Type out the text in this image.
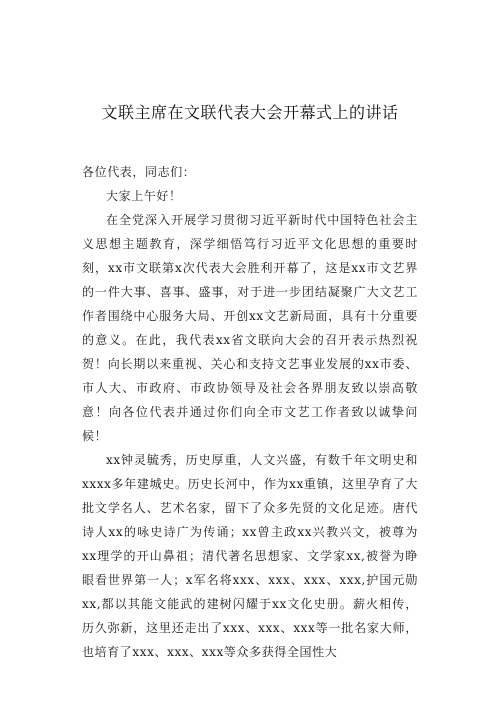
文联主席在文联代表大会开幕式上的讲话

各位代表，同志们：

大家上午好！

在全党深入开展学习贯彻习近平新时代中国特色社会主义思想主题教育，深学细悟笃行习近平文化思想的重要时刻，xx市文联第x次代表大会胜利开幕了，这是xx市文艺界的一件大事、喜事、盛事，对于进一步团结凝聚广大文艺工作者围绕中心服务大局、开创xx文艺新局面，具有十分重要的意义。在此，我代表xx省文联向大会的召开表示热烈祝贺！向长期以来重视、关心和支持文艺事业发展的xx市委、市人大、市政府、市政协领导及社会各界朋友致以崇高敬意！向各位代表并通过你们向全市文艺工作者致以诚挚问候！

xx钟灵毓秀，历史厚重，人文兴盛，有数千年文明史和xxxx多年建城史。历史长河中，作为xx重镇，这里孕育了大批文学名人、艺术名家，留下了众多先贤的文化足迹。唐代诗人xx的咏史诗广为传诵；xx曾主政xx兴教兴文，被尊为xx理学的开山鼻祖；清代著名思想家、文学家xx,被誉为睁眼看世界第一人；x军名将xxx、xxx、xxx、xxx,护国元勋xx,都以其能文能武的建树闪耀于xx文化史册。薪火相传，历久弥新，这里还走出了xxx、xxx、xxx等一批名家大师，也培育了xxx、xxx、xxx等众多获得全国性大
